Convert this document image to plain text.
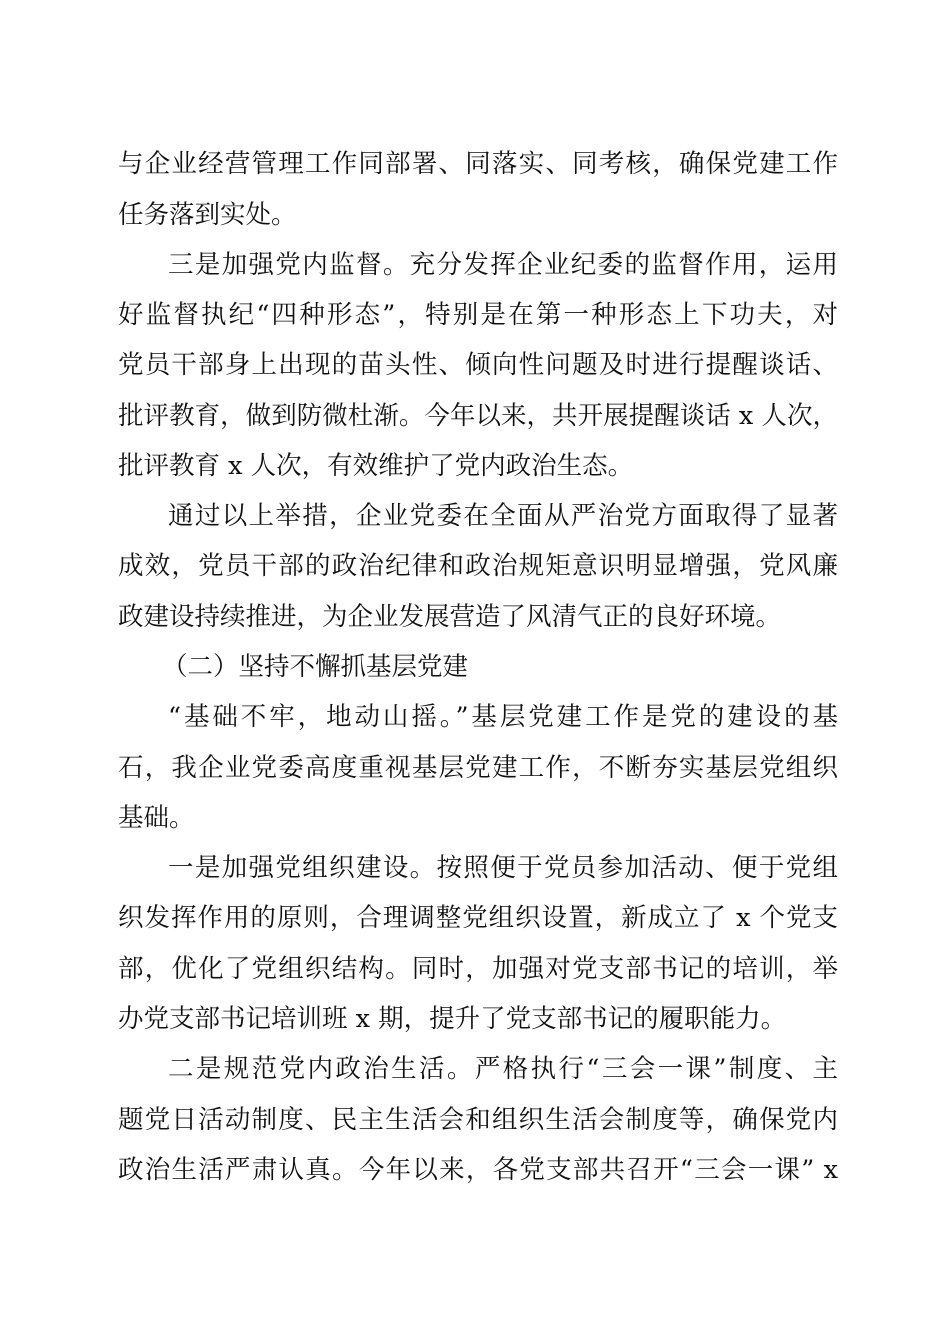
与企业经营管理工作同部署、同落实、同考核，确保党建工作
任务落到实处。
三是加强党内监督。充分发挥企业纪委的监督作用，运用
好监督执纪“四种形态”，特别是在第一种形态上下功夫，对
党员干部身上出现的苗头性、倾向性问题及时进行提醒谈话、
批评教育，做到防微杜渐。今年以来，共开展提醒谈话 x 人次，
批评教育 x 人次，有效维护了党内政治生态。
通过以上举措，企业党委在全面从严治党方面取得了显著
成效，党员干部的政治纪律和政治规矩意识明显增强，党风廉
政建设持续推进，为企业发展营造了风清气正的良好环境。
（二）坚持不懈抓基层党建
“基础不牢，地动山摇。”基层党建工作是党的建设的基
石，我企业党委高度重视基层党建工作，不断夯实基层党组织
基础。
一是加强党组织建设。按照便于党员参加活动、便于党组
织发挥作用的原则，合理调整党组织设置，新成立了 x 个党支
部，优化了党组织结构。同时，加强对党支部书记的培训，举
办党支部书记培训班 x 期，提升了党支部书记的履职能力。
二是规范党内政治生活。严格执行“三会一课”制度、主
题党日活动制度、民主生活会和组织生活会制度等，确保党内
政治生活严肃认真。今年以来，各党支部共召开“三会一课” x
